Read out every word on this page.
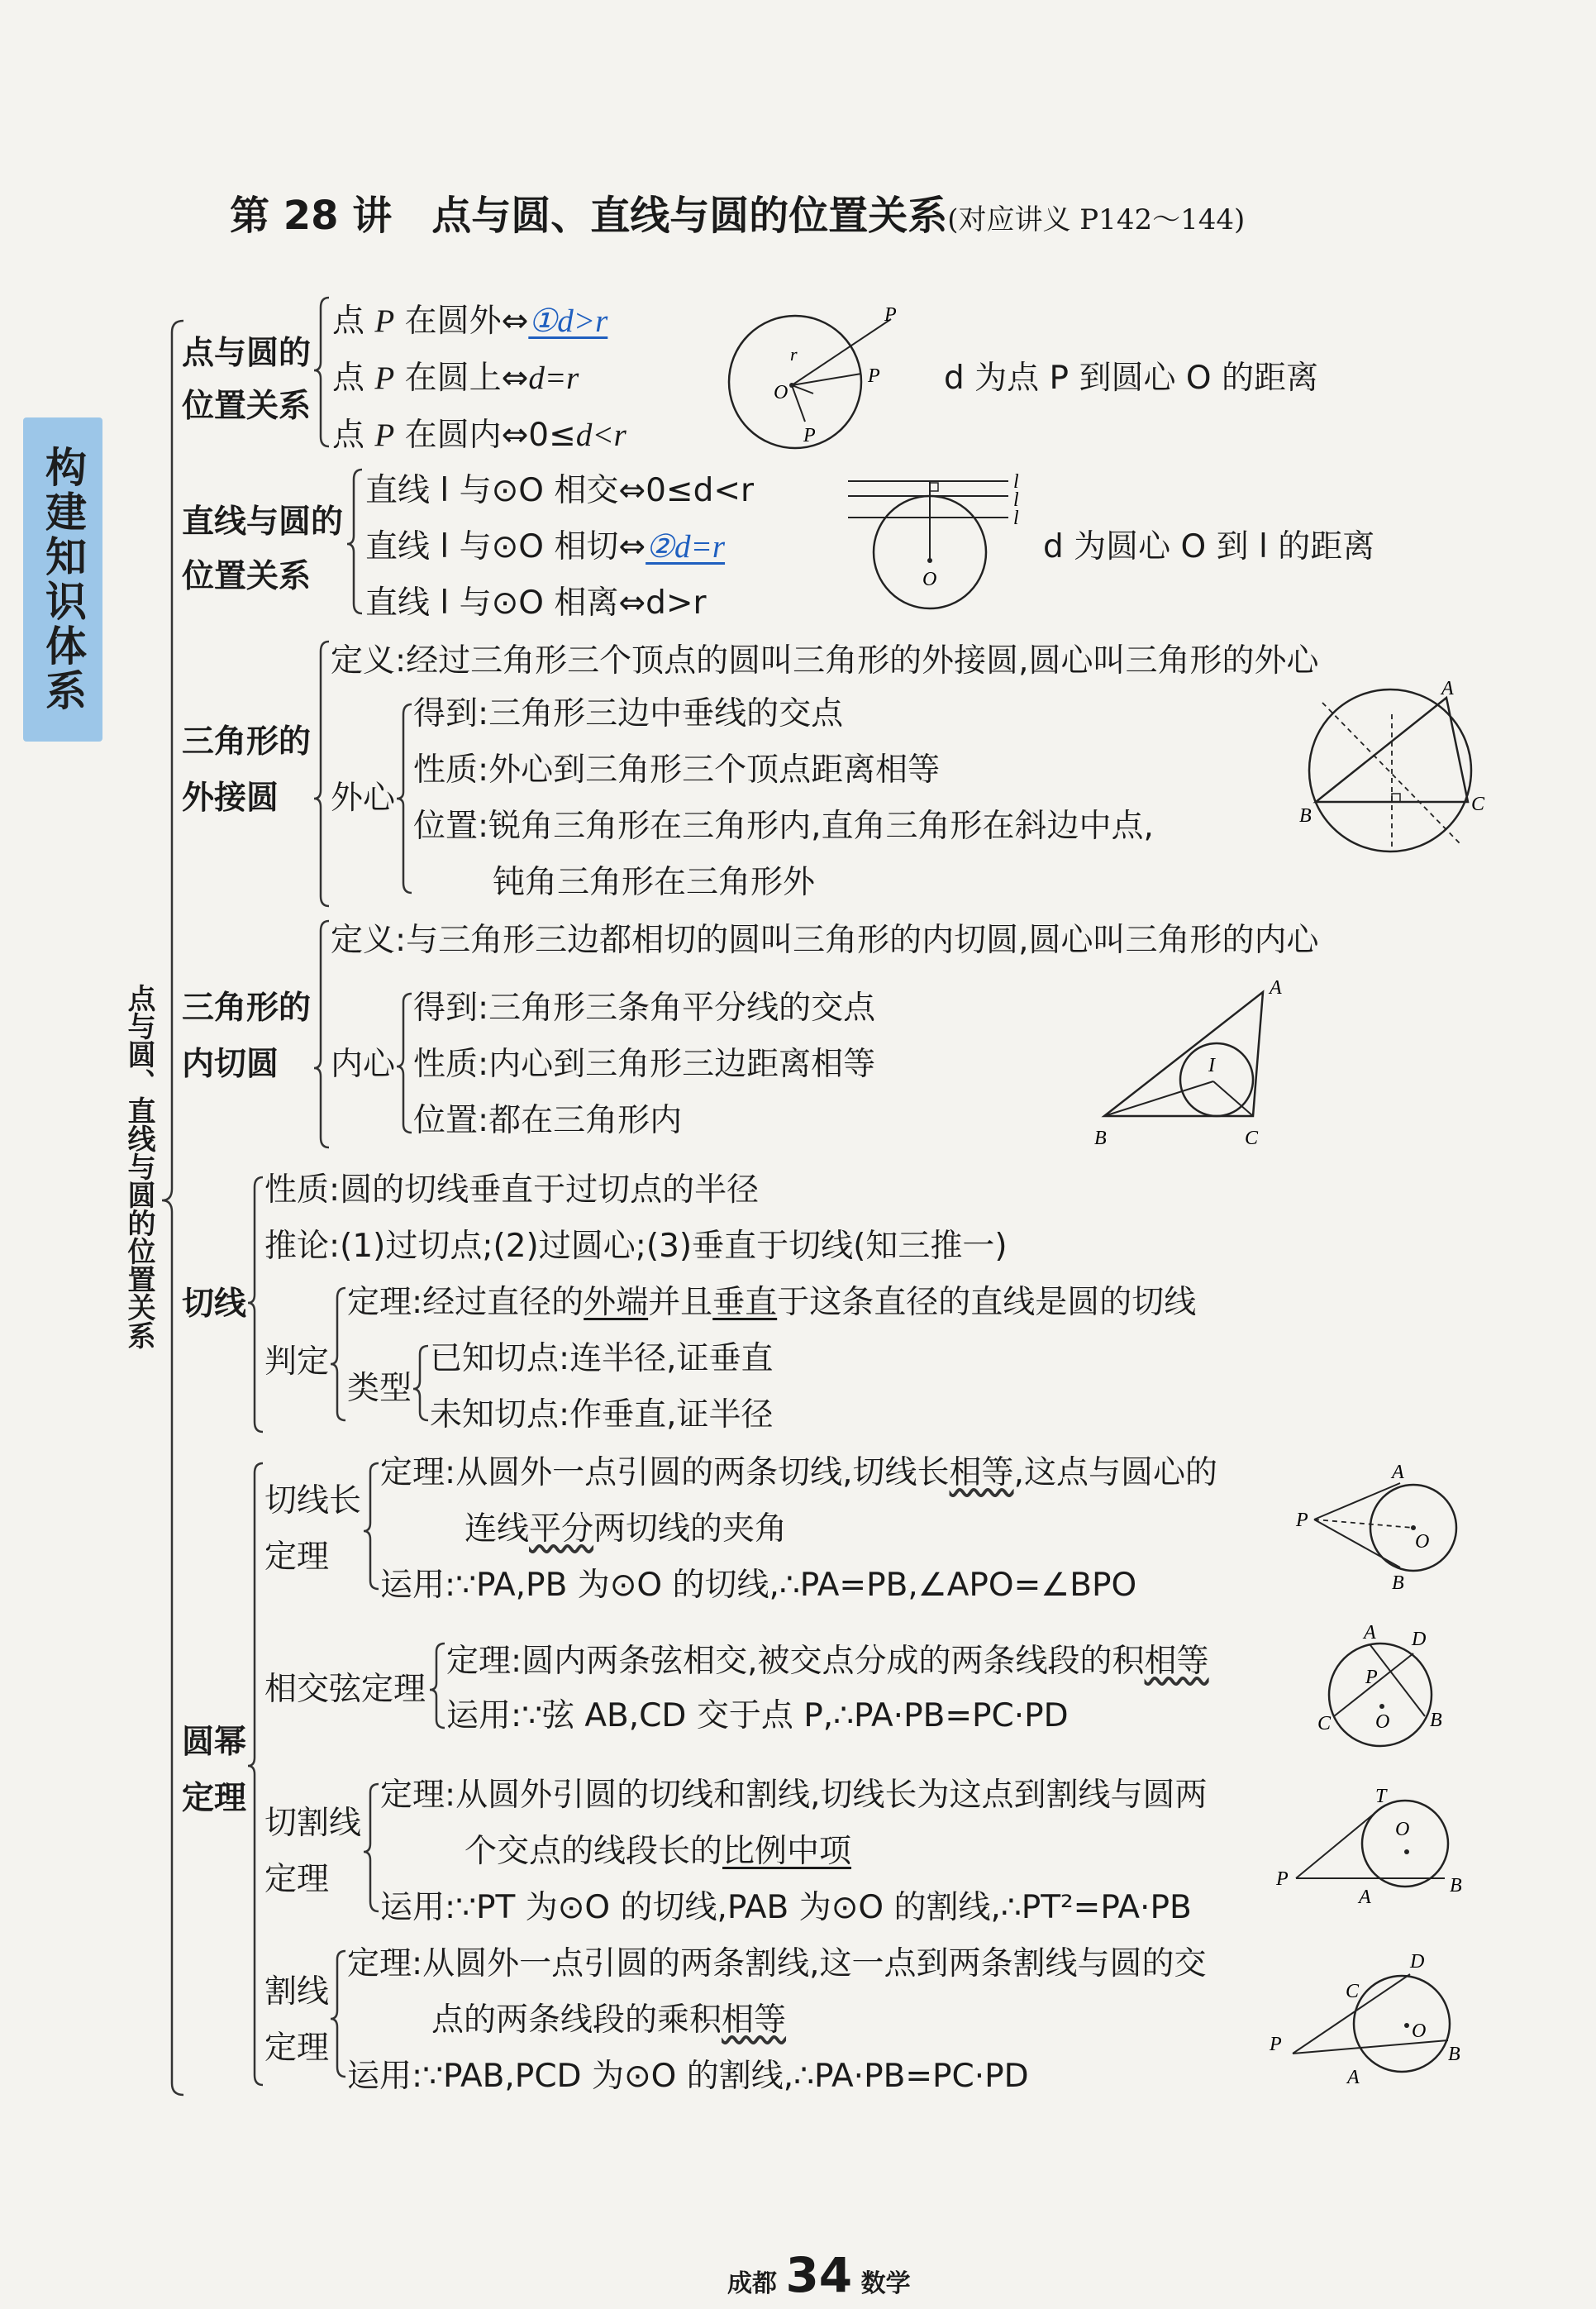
第 28 讲　点与圆、直线与圆的位置关系(对应讲义 P142～144)
构建知识体系
点与圆、直线与圆的位置关系
点与圆的
位置关系
点 P 在圆外⇔①d>r
点 P 在圆上⇔d=r
点 P 在圆内⇔0≤d<r
P
P
P
O
r
d 为点 P 到圆心 O 的距离
直线与圆的
位置关系
直线 l 与⊙O 相交⇔0≤d<r
直线 l 与⊙O 相切⇔②d=r
直线 l 与⊙O 相离⇔d>r
O
l
l
l
d 为圆心 O 到 l 的距离
三角形的
外接圆
定义:经过三角形三个顶点的圆叫三角形的外接圆,圆心叫三角形的外心
外心
得到:三角形三边中垂线的交点
性质:外心到三角形三个顶点距离相等
位置:锐角三角形在三角形内,直角三角形在斜边中点,
钝角三角形在三角形外
A
B
C
三角形的
内切圆
定义:与三角形三边都相切的圆叫三角形的内切圆,圆心叫三角形的内心
内心
得到:三角形三条角平分线的交点
性质:内心到三角形三边距离相等
位置:都在三角形内
A
B	C
I
切线
性质:圆的切线垂直于过切点的半径
推论:(1)过切点;(2)过圆心;(3)垂直于切线(知三推一)
判定
定理:经过直径的外端并且垂直于这条直径的直线是圆的切线
类型
已知切点:连半径,证垂直
未知切点:作垂直,证半径
圆幂
定理
切线长
定理
定理:从圆外一点引圆的两条切线,切线长相等,这点与圆心的
连线平分两切线的夹角
运用:∵PA,PB 为⊙O 的切线,∴PA=PB,∠APO=∠BPO
P
A
B
O
相交弦定理
定理:圆内两条弦相交,被交点分成的两条线段的积相等
运用:∵弦 AB,CD 交于点 P,∴PA·PB=PC·PD
A D
P
C	B
O
切割线
定理
定理:从圆外引圆的切线和割线,切线长为这点到割线与圆两
个交点的线段长的比例中项
运用:∵PT 为⊙O 的切线,PAB 为⊙O 的割线,∴PT²=PA·PB
T
O
P
A
B
割线
定理
定理:从圆外一点引圆的两条割线,这一点到两条割线与圆的交
点的两条线段的乘积相等
运用:∵PAB,PCD 为⊙O 的割线,∴PA·PB=PC·PD
D
C
O
P
A
B
成都 34 数学
